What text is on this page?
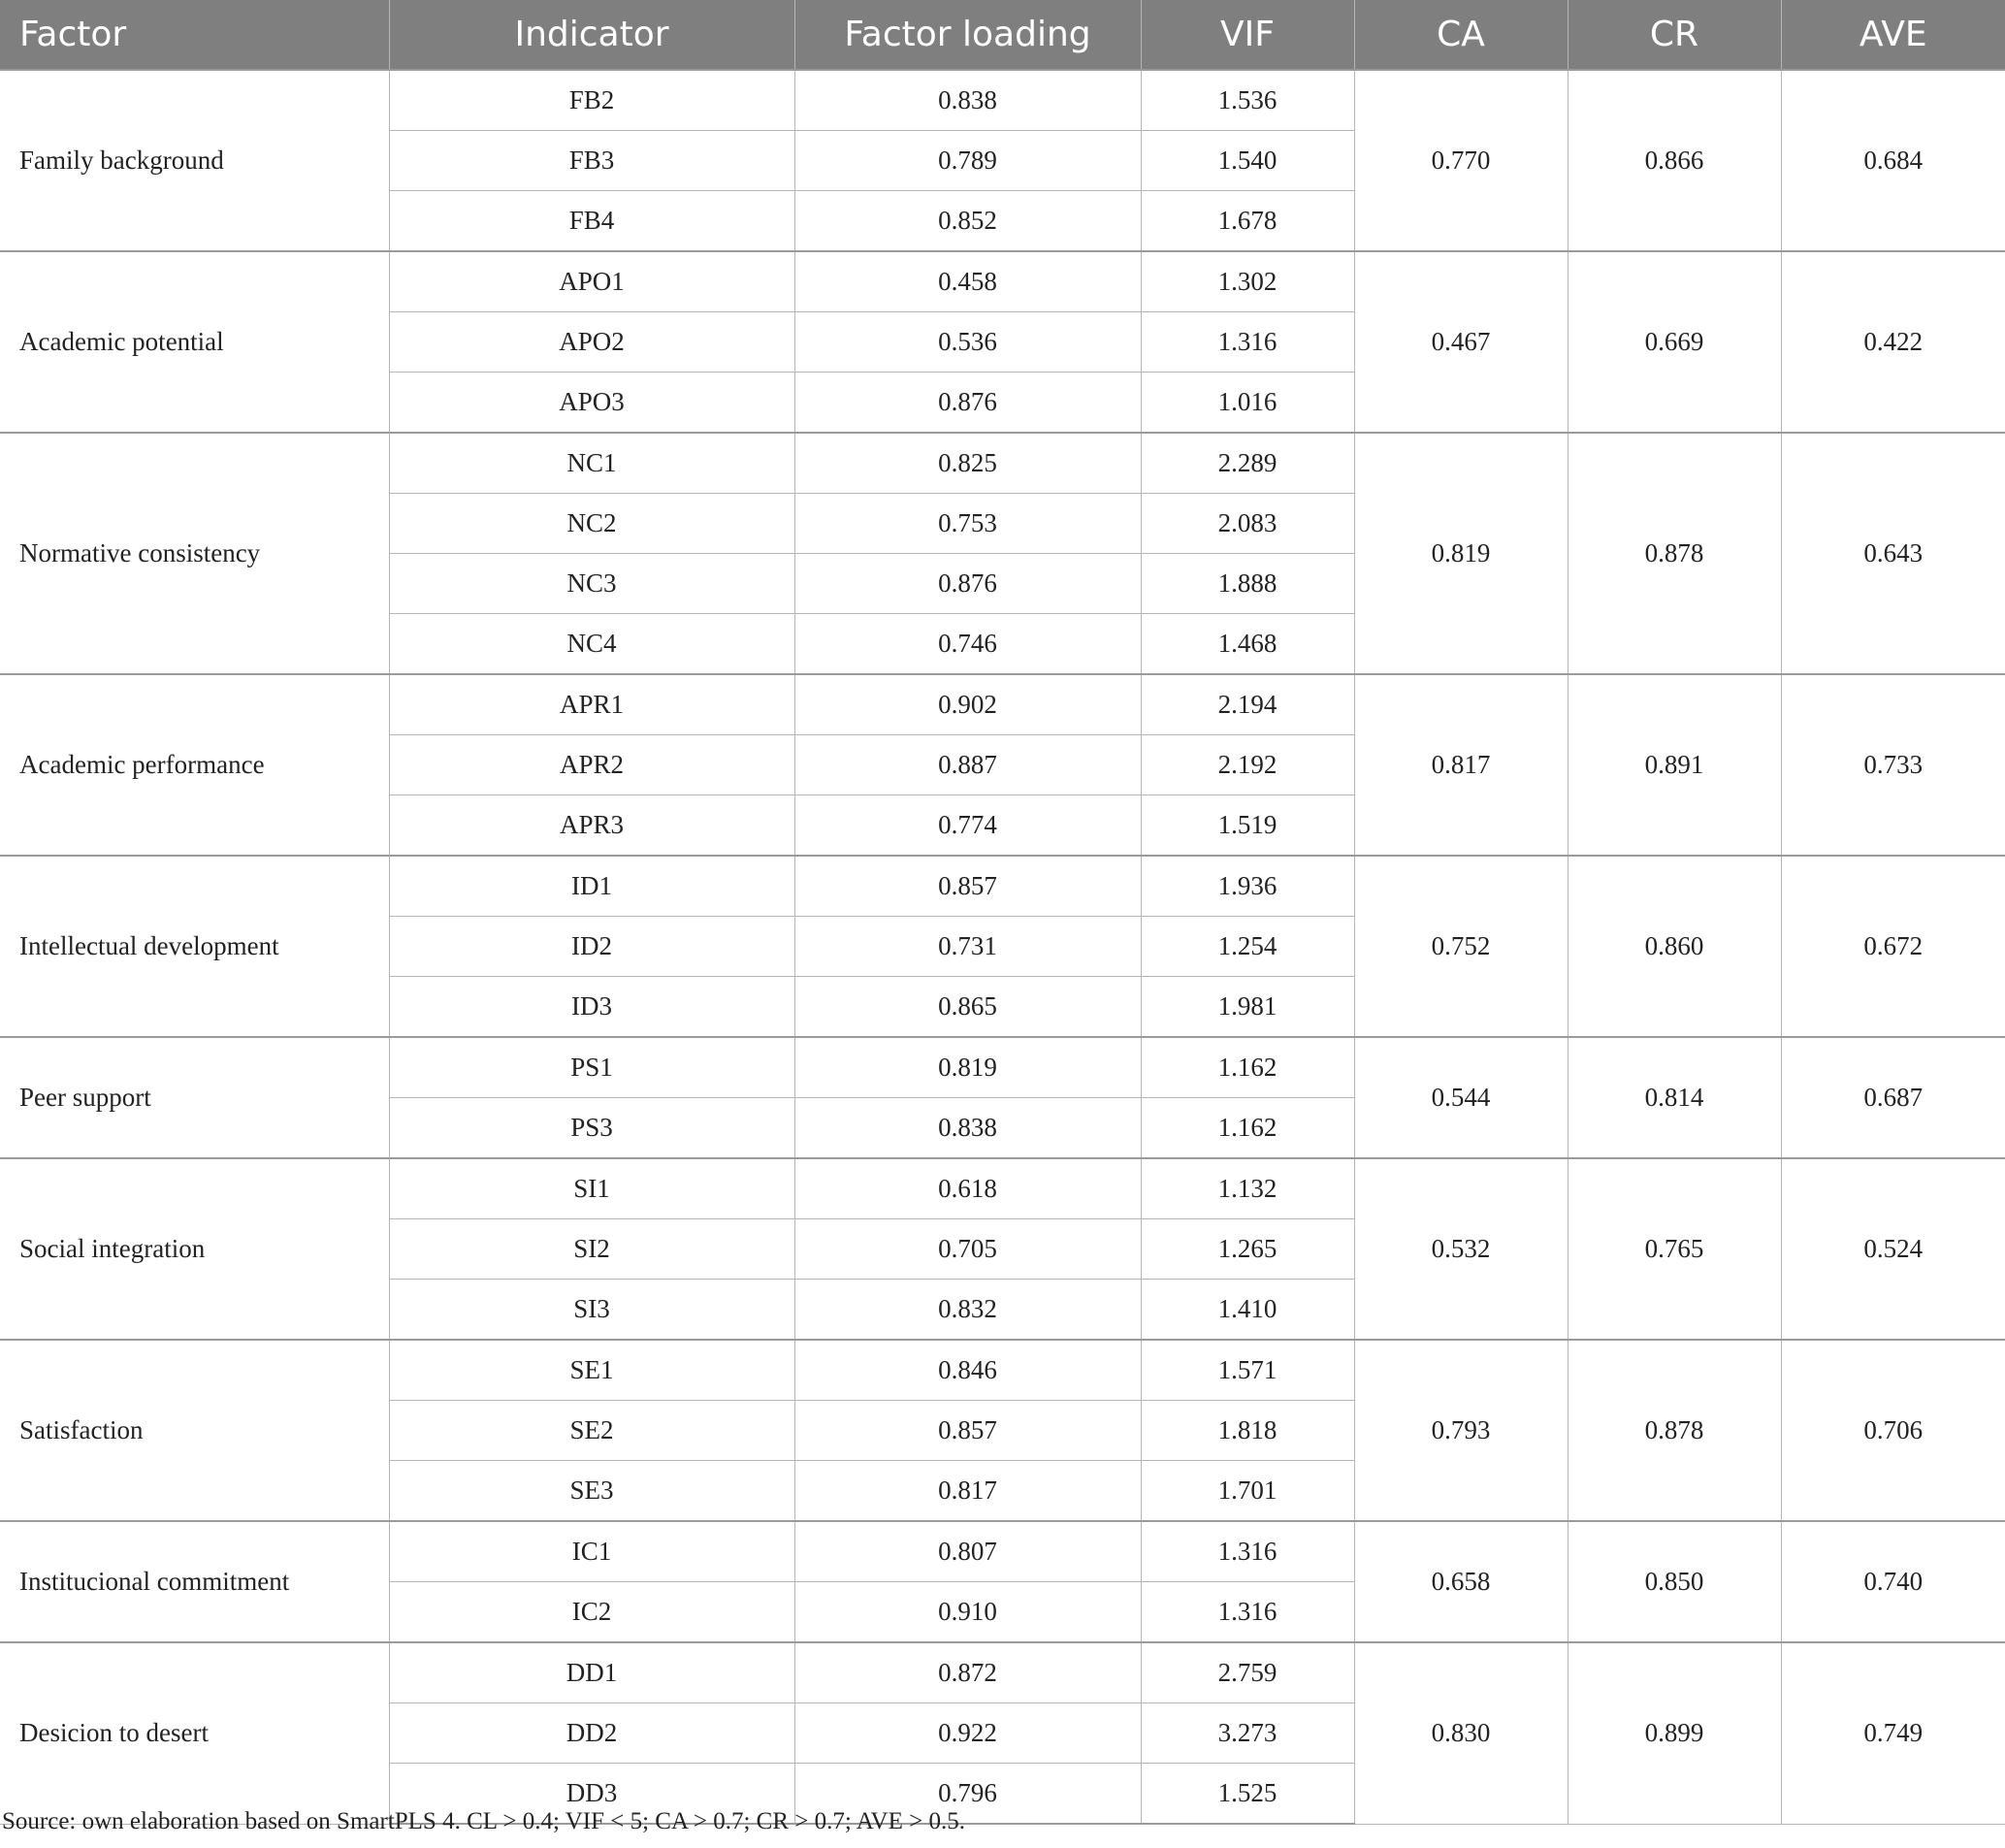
Factor	Indicator	Factor loading	VIF	CA	CR	AVE
Family background	FB2	0.838	1.536	0.770	0.866	0.684
	FB3	0.789	1.540			
	FB4	0.852	1.678			
Academic potential	APO1	0.458	1.302	0.467	0.669	0.422
	APO2	0.536	1.316			
	APO3	0.876	1.016			
Normative consistency	NC1	0.825	2.289	0.819	0.878	0.643
	NC2	0.753	2.083			
	NC3	0.876	1.888			
	NC4	0.746	1.468			
Academic performance	APR1	0.902	2.194	0.817	0.891	0.733
	APR2	0.887	2.192			
	APR3	0.774	1.519			
Intellectual development	ID1	0.857	1.936	0.752	0.860	0.672
	ID2	0.731	1.254			
	ID3	0.865	1.981			
Peer support	PS1	0.819	1.162	0.544	0.814	0.687
	PS3	0.838	1.162			
Social integration	SI1	0.618	1.132	0.532	0.765	0.524
	SI2	0.705	1.265			
	SI3	0.832	1.410			
Satisfaction	SE1	0.846	1.571	0.793	0.878	0.706
	SE2	0.857	1.818			
	SE3	0.817	1.701			
Institucional commitment	IC1	0.807	1.316	0.658	0.850	0.740
	IC2	0.910	1.316			
Desicion to desert	DD1	0.872	2.759	0.830	0.899	0.749
	DD2	0.922	3.273			
	DD3	0.796	1.525			
Source: own elaboration based on SmartPLS 4. CL > 0.4; VIF < 5; CA > 0.7; CR > 0.7; AVE > 0.5.
